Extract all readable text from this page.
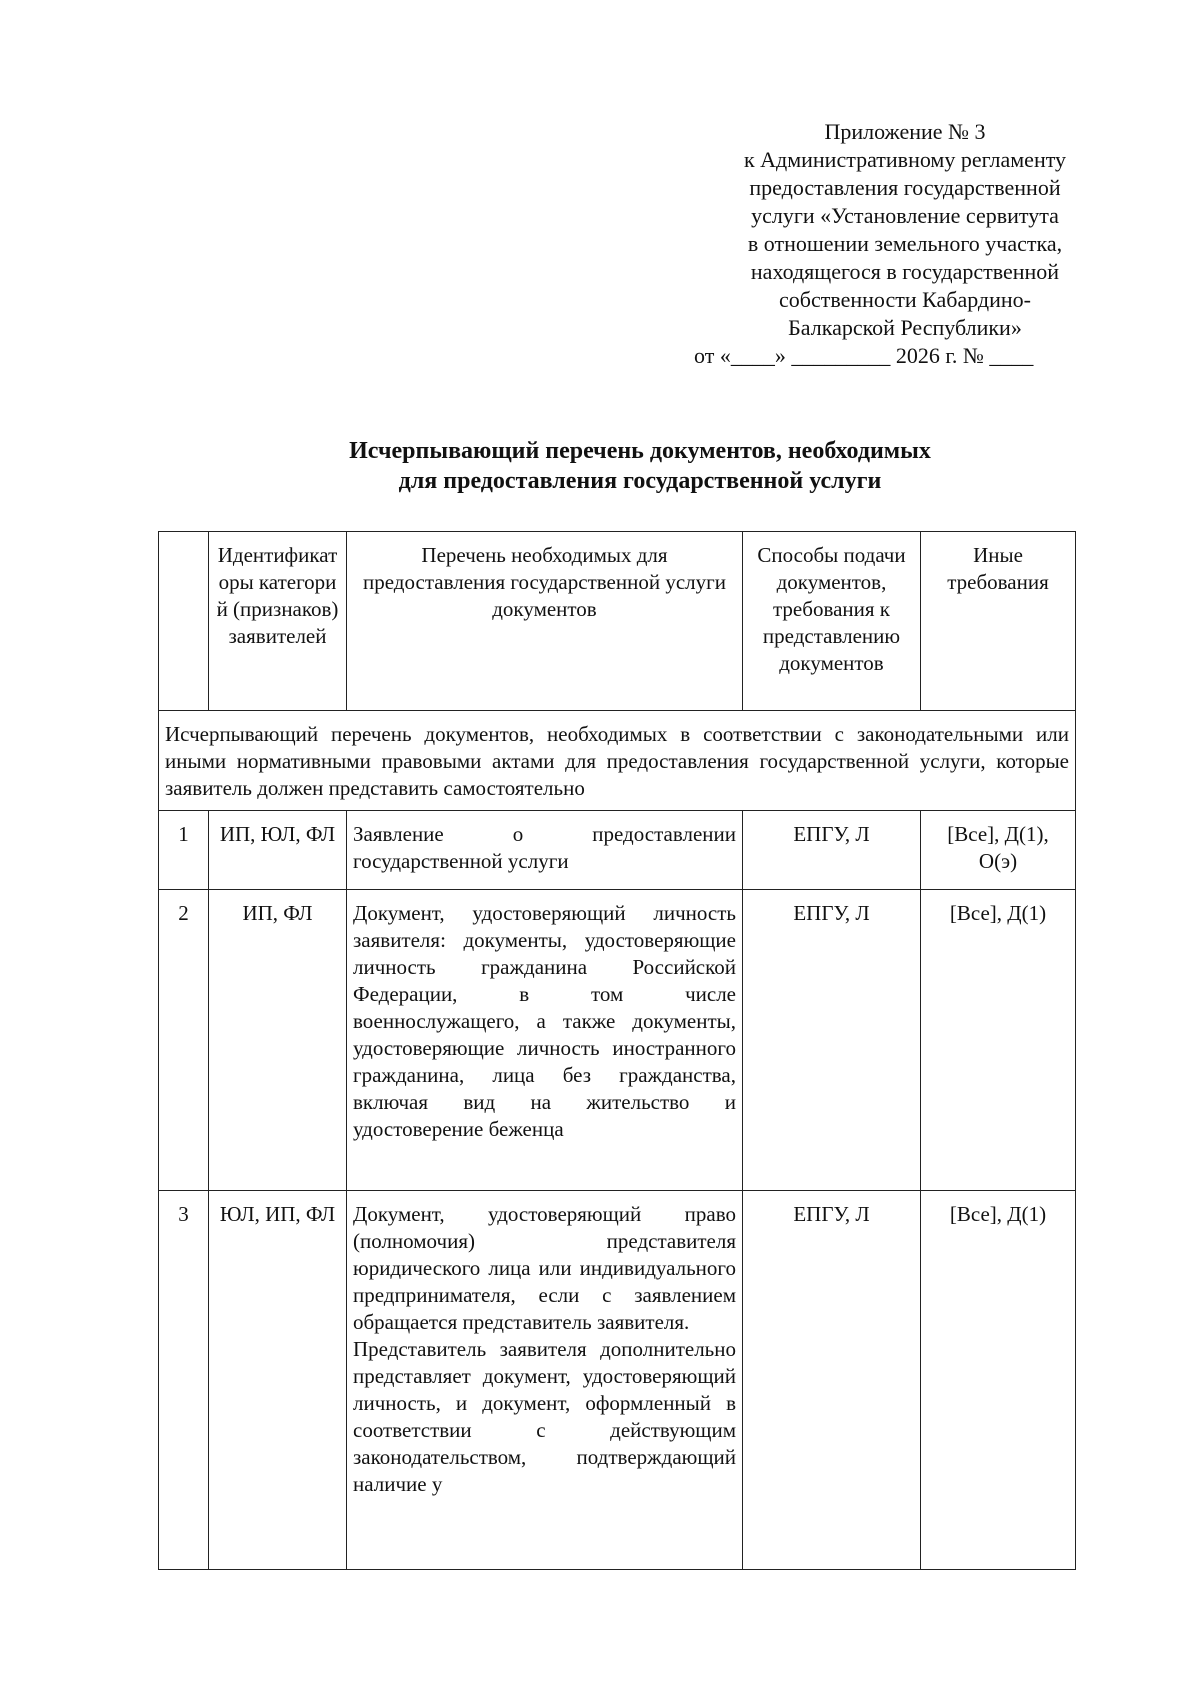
Приложение № 3
к Административному регламенту
предоставления государственной
услуги «Установление сервитута
в отношении земельного участка,
находящегося в государственной
собственности Кабардино-
Балкарской Республики»
от «____» _________ 2026 г. № ____
Исчерпывающий перечень документов, необходимых
для предоставления государственной услуги
	Идентификаторы категорий (признаков) заявителей	Перечень необходимых для предоставления государственной услуги документов	Способы подачи документов, требования к представлению документов	Иные требования
Исчерпывающий перечень документов, необходимых в соответствии с законодательными или иными нормативными правовыми актами для предоставления государственной услуги, которые заявитель должен представить самостоятельно				
1	ИП, ЮЛ, ФЛ	Заявление о предоставлении государственной услуги	ЕПГУ, Л	[Все], Д(1), О(э)
2	ИП, ФЛ	Документ, удостоверяющий личность заявителя: документы, удостоверяющие личность гражданина Российской Федерации, в том числе военнослужащего, а также документы, удостоверяющие личность иностранного гражданина, лица без гражданства, включая вид на жительство и удостоверение беженца	ЕПГУ, Л	[Все], Д(1)
3	ЮЛ, ИП, ФЛ	Документ, удостоверяющий право (полномочия) представителя юридического лица или индивидуального предпринимателя, если с заявлением обращается представитель заявителя.

Представитель заявителя дополнительно представляет документ, удостоверяющий личность, и документ, оформленный в соответствии с действующим законодательством, подтверждающий наличие у	ЕПГУ, Л	[Все], Д(1)
